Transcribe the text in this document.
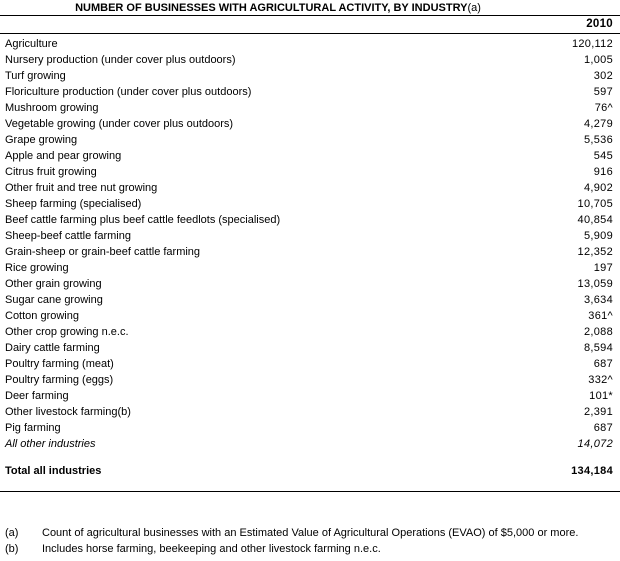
NUMBER OF BUSINESSES WITH AGRICULTURAL ACTIVITY, BY INDUSTRY(a)
2010
Agriculture	120,112
Nursery production (under cover plus outdoors)	1,005
Turf growing	302
Floriculture production (under cover plus outdoors)	597
Mushroom growing	76^
Vegetable growing (under cover plus outdoors)	4,279
Grape growing	5,536
Apple and pear growing	545
Citrus fruit growing	916
Other fruit and tree nut growing	4,902
Sheep farming (specialised)	10,705
Beef cattle farming plus beef cattle feedlots (specialised)	40,854
Sheep-beef cattle farming	5,909
Grain-sheep or grain-beef cattle farming	12,352
Rice growing	197
Other grain growing	13,059
Sugar cane growing	3,634
Cotton growing	361^
Other crop growing n.e.c.	2,088
Dairy cattle farming	8,594
Poultry farming (meat)	687
Poultry farming (eggs)	332^
Deer farming	101*
Other livestock farming(b)	2,391
Pig farming	687
All other industries	14,072
Total all industries	134,184
(a)	Count of agricultural businesses with an Estimated Value of Agricultural Operations (EVAO) of $5,000 or more.
(b)	Includes horse farming, beekeeping and other livestock farming n.e.c.
